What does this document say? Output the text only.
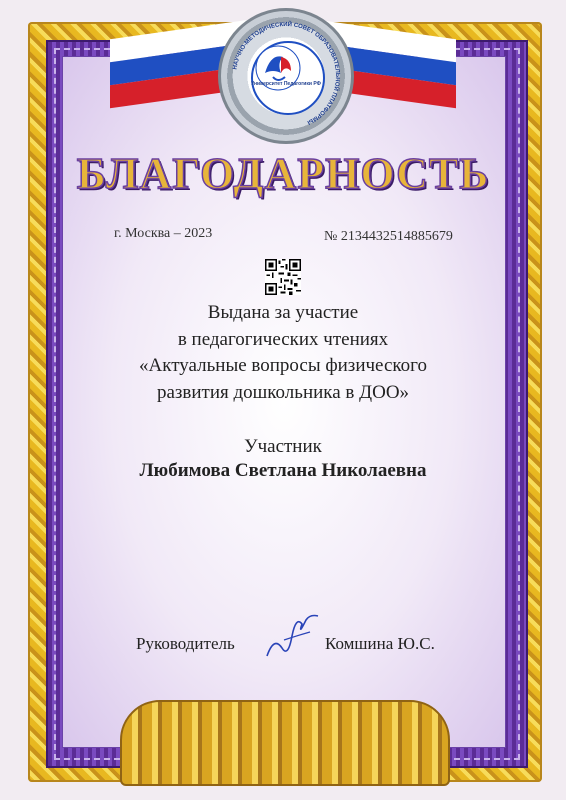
НАУЧНО-МЕТОДИЧЕСКИЙ СОВЕТ ОБРАЗОВАТЕЛЬНОЙ ПЛАТФОРМЫ
Университет Педагогики РФ
БЛАГОДАРНОСТЬ
г. Москва – 2023	№ 2134432514885679
Выдана за участие
в педагогических чтениях
«Актуальные вопросы физического
развития дошкольника в ДОО»
Участник
Любимова Светлана Николаевна
Руководитель	Комшина Ю.С.
